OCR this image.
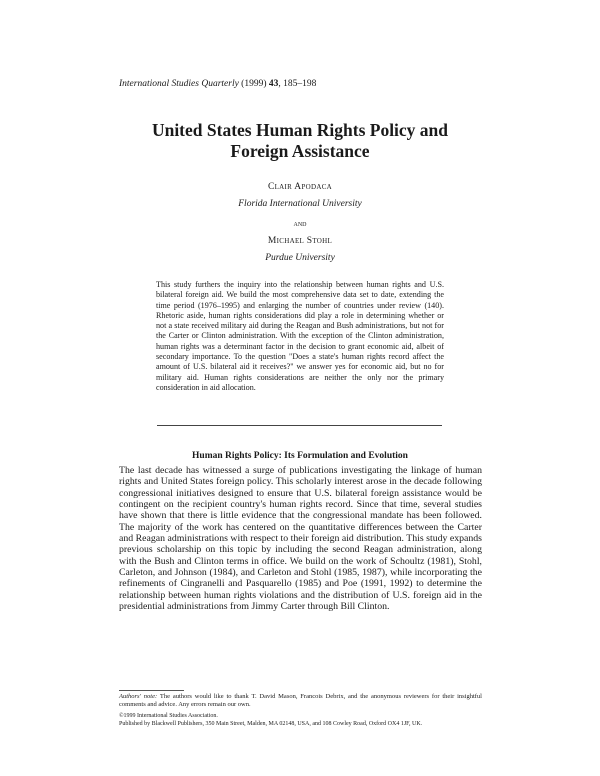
International Studies Quarterly (1999) 43, 185–198
United States Human Rights Policy and
Foreign Assistance
Clair Apodaca
Florida International University
and
Michael Stohl
Purdue University
This study furthers the inquiry into the relationship between human rights and U.S. bilateral foreign aid. We build the most comprehensive data set to date, extending the time period (1976–1995) and enlarging the number of countries under review (140). Rhetoric aside, human rights considerations did play a role in determining whether or not a state received military aid during the Reagan and Bush administrations, but not for the Carter or Clinton administration. With the exception of the Clinton administration, human rights was a determinant factor in the decision to grant economic aid, albeit of secondary importance. To the question "Does a state's human rights record affect the amount of U.S. bilateral aid it receives?" we answer yes for economic aid, but no for military aid. Human rights considerations are neither the only nor the primary consideration in aid allocation.
Human Rights Policy: Its Formulation and Evolution
The last decade has witnessed a surge of publications investigating the linkage of human rights and United States foreign policy. This scholarly interest arose in the decade following congressional initiatives designed to ensure that U.S. bilateral foreign assistance would be contingent on the recipient country's human rights record. Since that time, several studies have shown that there is little evidence that the congressional mandate has been followed. The majority of the work has centered on the quantitative differences between the Carter and Reagan administrations with respect to their foreign aid distribution. This study expands previous scholarship on this topic by including the second Reagan administration, along with the Bush and Clinton terms in office. We build on the work of Schoultz (1981), Stohl, Carleton, and Johnson (1984), and Carleton and Stohl (1985, 1987), while incorporating the refinements of Cingranelli and Pasquarello (1985) and Poe (1991, 1992) to determine the relationship between human rights violations and the distribution of U.S. foreign aid in the presidential administrations from Jimmy Carter through Bill Clinton.
Authors' note: The authors would like to thank T. David Mason, Francois Debrix, and the anonymous reviewers for their insightful comments and advice. Any errors remain our own.
©1999 International Studies Association.
Published by Blackwell Publishers, 350 Main Street, Malden, MA 02148, USA, and 108 Cowley Road, Oxford OX4 1JF, UK.
